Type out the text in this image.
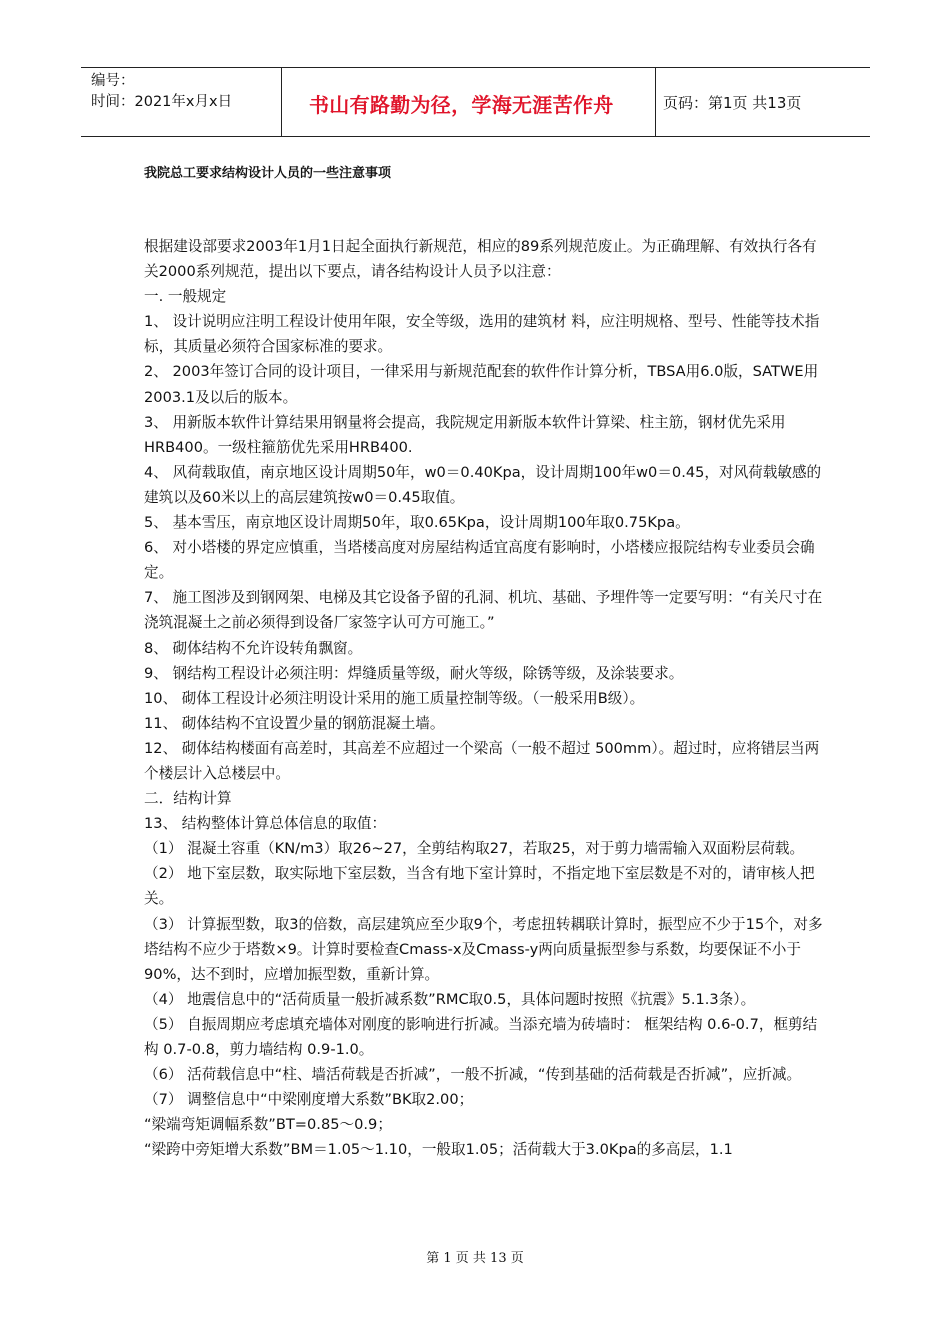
编号：
时间：2021年x月x日	书山有路勤为径，学海无涯苦作舟	页码：第1页 共13页
我院总工要求结构设计人员的一些注意事项

根据建设部要求2003年1月1日起全面执行新规范，相应的89系列规范废止。为正确理解、有效执行各有关2000系列规范，提出以下要点，请各结构设计人员予以注意：

一. 一般规定

1、 设计说明应注明工程设计使用年限，安全等级，选用的建筑材 料，应注明规格、型号、性能等技术指标，其质量必须符合国家标准的要求。

2、 2003年签订合同的设计项目，一律采用与新规范配套的软件作计算分析，TBSA用6.0版，SATWE用2003.1及以后的版本。

3、 用新版本软件计算结果用钢量将会提高，我院规定用新版本软件计算梁、柱主筋，钢材优先采用HRB400。一级柱箍筋优先采用HRB400.

4、 风荷载取值，南京地区设计周期50年，w0＝0.40Kpa，设计周期100年w0＝0.45，对风荷载敏感的建筑以及60米以上的高层建筑按w0＝0.45取值。

5、 基本雪压，南京地区设计周期50年，取0.65Kpa，设计周期100年取0.75Kpa。

6、 对小塔楼的界定应慎重，当塔楼高度对房屋结构适宜高度有影响时，小塔楼应报院结构专业委员会确定。

7、 施工图涉及到钢网架、电梯及其它设备予留的孔洞、机坑、基础、予埋件等一定要写明：“有关尺寸在浇筑混凝土之前必须得到设备厂家签字认可方可施工。”

8、 砌体结构不允许设转角飘窗。

9、 钢结构工程设计必须注明：焊缝质量等级，耐火等级，除锈等级，及涂装要求。

10、 砌体工程设计必须注明设计采用的施工质量控制等级。（一般采用B级）。

11、 砌体结构不宜设置少量的钢筋混凝土墙。

12、 砌体结构楼面有高差时，其高差不应超过一个梁高（一般不超过 500mm）。超过时，应将错层当两个楼层计入总楼层中。

二．结构计算

13、 结构整体计算总体信息的取值：

（1） 混凝土容重（KN/m3）取26~27，全剪结构取27，若取25，对于剪力墙需输入双面粉层荷载。

（2） 地下室层数，取实际地下室层数，当含有地下室计算时，不指定地下室层数是不对的，请审核人把关。

（3） 计算振型数，取3的倍数，高层建筑应至少取9个，考虑扭转耦联计算时，振型应不少于15个，对多塔结构不应少于塔数×9。计算时要检查Cmass-x及Cmass-y两向质量振型参与系数，均要保证不小于90%，达不到时，应增加振型数，重新计算。

（4） 地震信息中的“活荷质量一般折减系数”RMC取0.5，具体问题时按照《抗震》5.1.3条）。

（5） 自振周期应考虑填充墙体对刚度的影响进行折减。当添充墙为砖墙时： 框架结构 0.6-0.7，框剪结构 0.7-0.8，剪力墙结构 0.9-1.0。

（6） 活荷载信息中“柱、墙活荷载是否折减”，一般不折减，“传到基础的活荷载是否折减”，应折减。

（7） 调整信息中“中梁刚度增大系数”BK取2.00；

“梁端弯矩调幅系数”BT=0.85～0.9；

“梁跨中旁矩增大系数”BM＝1.05～1.10，一般取1.05；活荷载大于3.0Kpa的多高层，1.1

第 1 页 共 13 页
